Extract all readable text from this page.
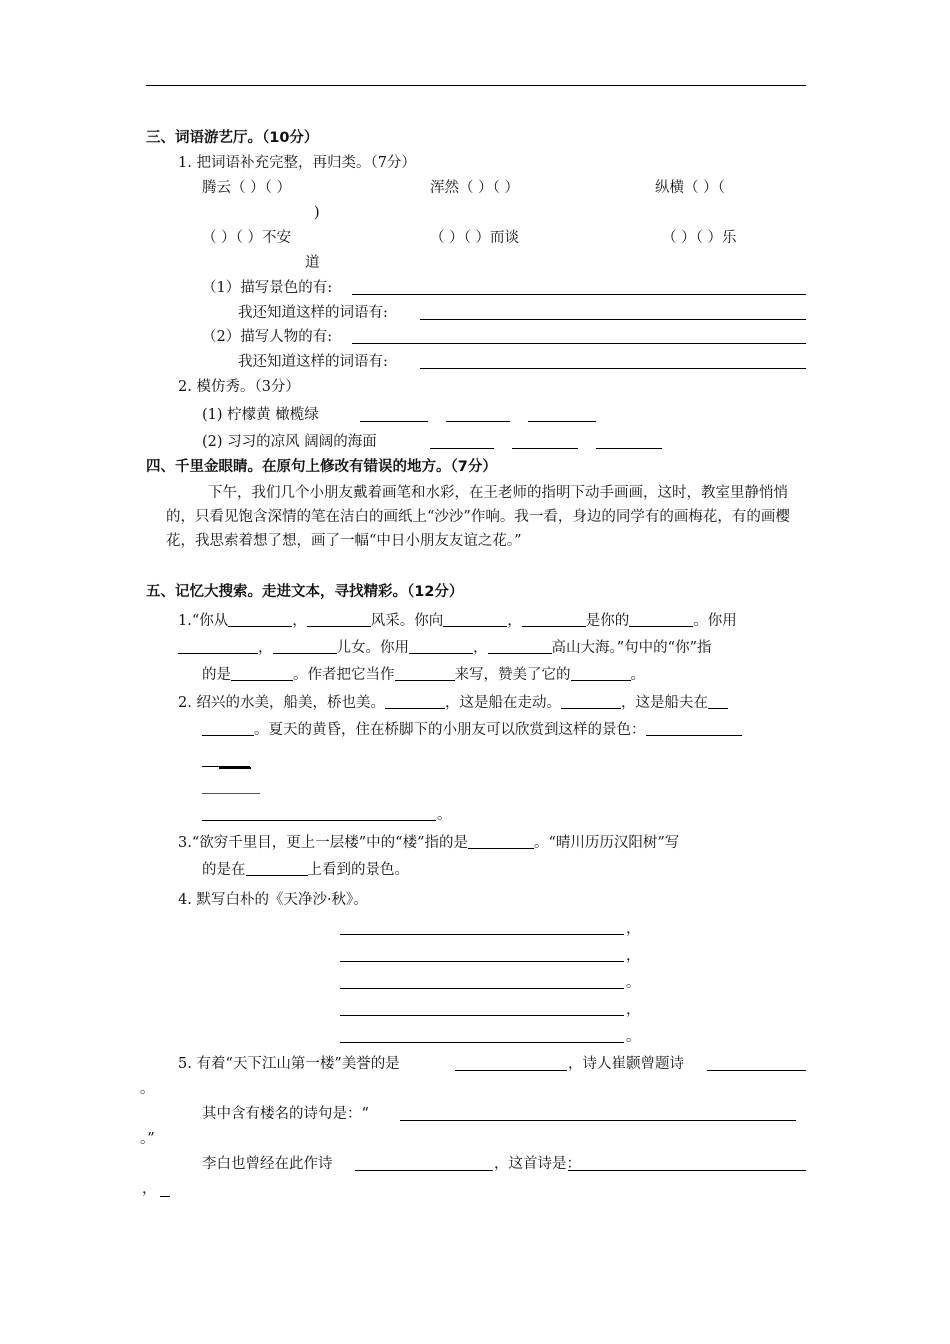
三、词语游艺厅。（10分）
1. 把词语补充完整，再归类。（7分）
腾云（ ）（ ）	浑然（ ）（ ）	纵横（ ）（
)
（ ）（ ）不安	（ ）（ ）而谈	（ ）（ ）乐
道
（1）描写景色的有:
我还知道这样的词语有:
（2）描写人物的有:
我还知道这样的词语有:
2. 模仿秀。（3分）
(1) 柠檬黄 橄榄绿
(2) 习习的凉风 阔阔的海面
四、千里金眼睛。在原句上修改有错误的地方。（7分）
下午，我们几个小朋友戴着画笔和水彩，在王老师的指明下动手画画，这时，教室里静悄悄的，只看见饱含深情的笔在洁白的画纸上“沙沙”作响。我一看，身边的同学有的画梅花，有的画樱花，我思索着想了想，画了一幅“中日小朋友友谊之花。”
五、记忆大搜索。走进文本，寻找精彩。（12分）
1.“你从	，	风采。你向	，	是你的	。你用，	儿女。你用	，	高山大海。”句中的“你”指
的是	。作者把它当作	来写，赞美了它的	。
2. 绍兴的水美，船美，桥也美。	，这是船在走动。	，这是船夫在
。夏天的黄昏，住在桥脚下的小朋友可以欣赏到这样的景色：
。
3.“欲穷千里目，更上一层楼”中的“楼”指的是	。“晴川历历汉阳树”写
的是在	上看到的景色。
4. 默写白朴的《天净沙·秋》。
，
，
。
，
。
5. 有着“天下江山第一楼”美誉的是	，诗人崔颢曾题诗
。
其中含有楼名的诗句是：“
。”
李白也曾经在此作诗	，这首诗是：
，
